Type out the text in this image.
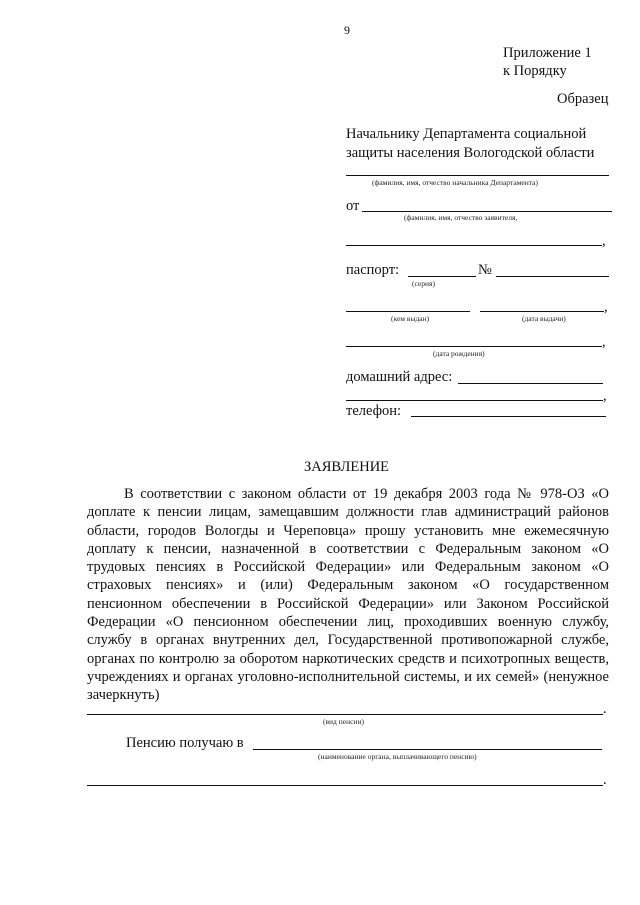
9
Приложение 1
к Порядку
Образец
Начальнику Департамента социальной
защиты населения Вологодской области
(фамилия, имя, отчество начальника Департамента)
от
(фамилия, имя, отчество заявителя,
,
паспорт:	№
(серия)
,
(кем выдан)	(дата выдачи)
,
(дата рождения)
домашний адрес:
,
телефон:
ЗАЯВЛЕНИЕ
В соответствии с законом области от 19 декабря 2003 года № 978-ОЗ «О доплате к пенсии лицам, замещавшим должности глав администраций районов области, городов Вологды и Череповца» прошу установить мне ежемесячную доплату к пенсии, назначенной в соответствии с Федеральным законом «О трудовых пенсиях в Российской Федерации» или Федеральным законом «О страховых пенсиях» и (или) Федеральным законом «О государственном пенсионном обеспечении в Российской Федерации» или Законом Российской Федерации «О пенсионном обеспечении лиц, проходивших военную службу, службу в органах внутренних дел, Государственной противопожарной службе, органах по контролю за оборотом наркотических средств и психотропных веществ, учреждениях и органах уголовно-исполнительной системы, и их семей» (ненужное зачеркнуть)
.
(вид пенсии)
Пенсию получаю в
(наименование органа, выплачивающего пенсию)
.
